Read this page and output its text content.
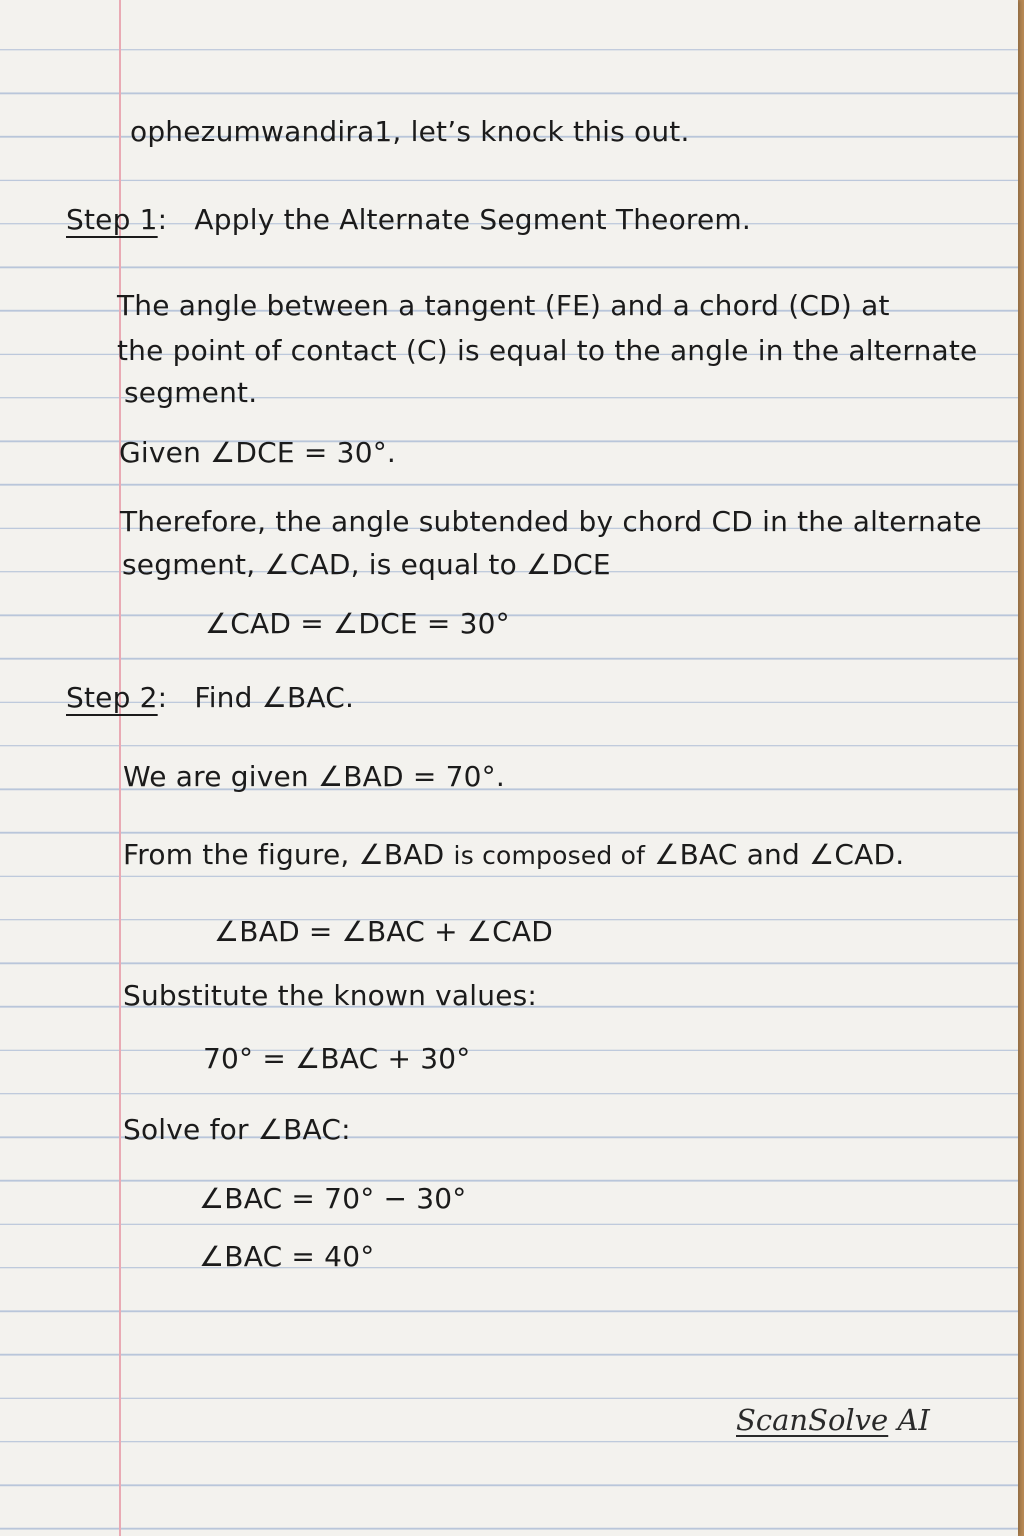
ophezumwandira1, let’s knock this out.
Step 1: Apply the Alternate Segment Theorem.
The angle between a tangent (FE) and a chord (CD) at
the point of contact (C) is equal to the angle in the alternate
segment.
Given ∠DCE = 30°.
Therefore, the angle subtended by chord CD in the alternate
segment, ∠CAD, is equal to ∠DCE
∠CAD = ∠DCE = 30°
Step 2: Find ∠BAC.
We are given ∠BAD = 70°.
From the figure, ∠BAD is composed of ∠BAC and ∠CAD.
∠BAD = ∠BAC + ∠CAD
Substitute the known values:
70° = ∠BAC + 30°
Solve for ∠BAC:
∠BAC = 70° − 30°
∠BAC = 40°
ScanSolve AI
